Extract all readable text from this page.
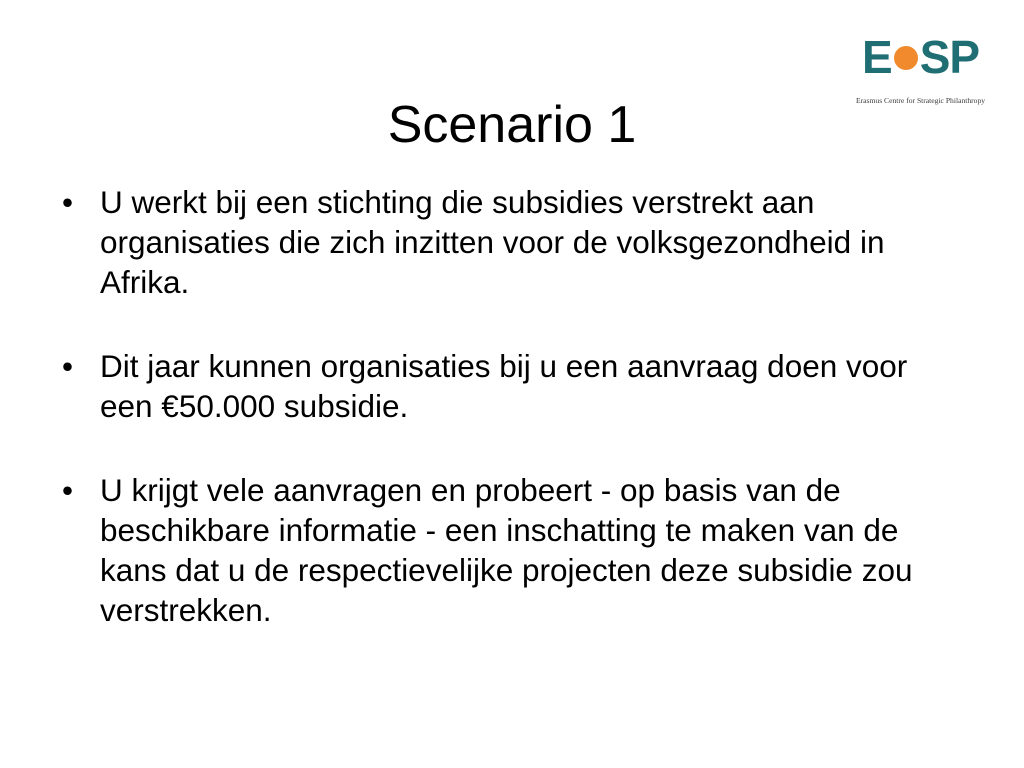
Scenario 1
E S P
Erasmus Centre for Strategic Philanthropy
• U werkt bij een stichting die subsidies verstrekt aan organisaties die zich inzitten voor de volksgezondheid in Afrika.
• Dit jaar kunnen organisaties bij u een aanvraag doen voor een €50.000 subsidie.
• U krijgt vele aanvragen en probeert - op basis van de beschikbare informatie - een inschatting te maken van de kans dat u de respectievelijke projecten deze subsidie zou verstrekken.
